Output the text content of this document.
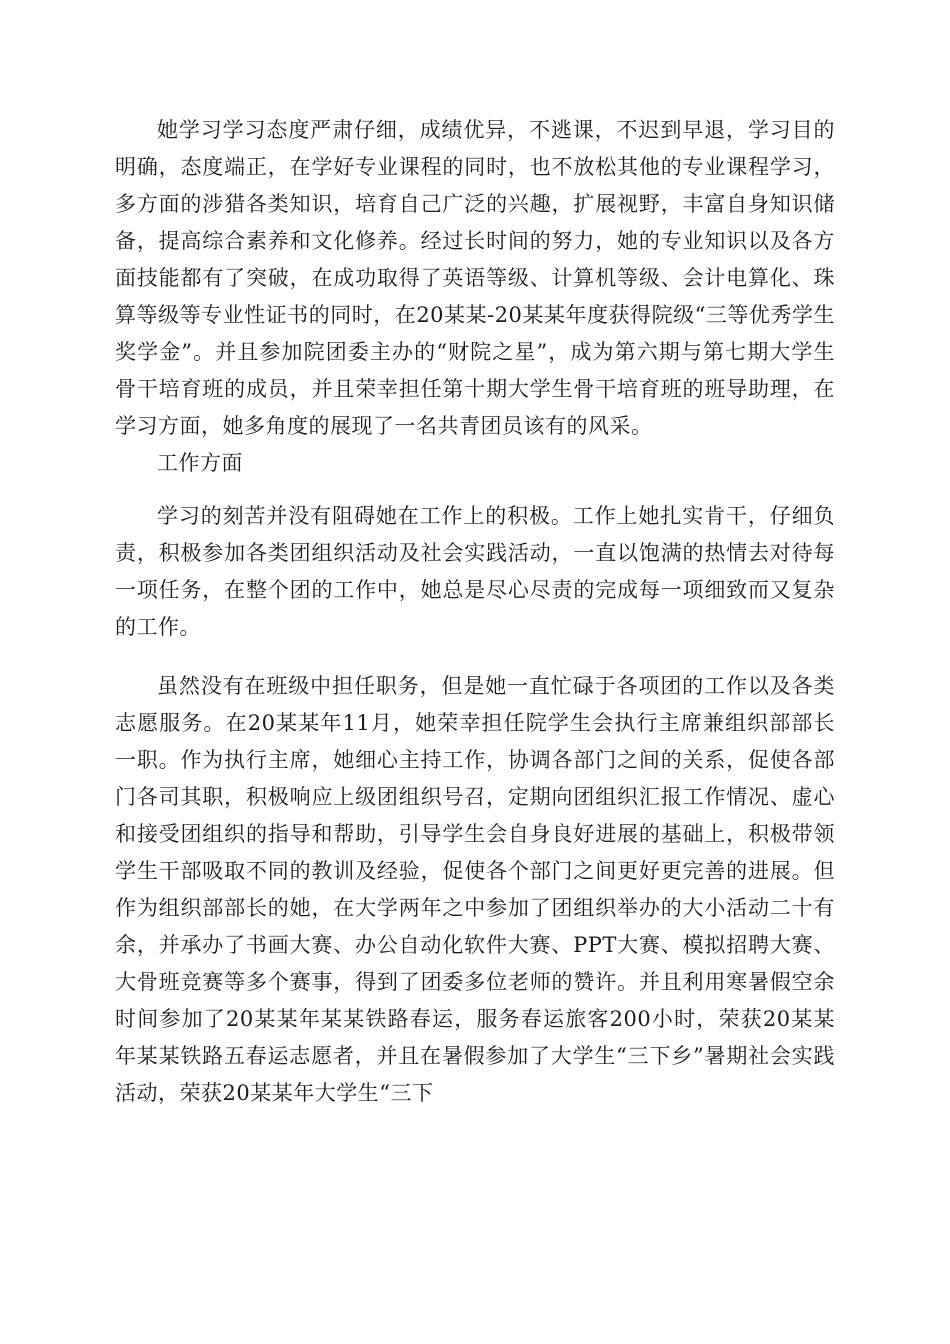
她学习学习态度严肃仔细，成绩优异，不逃课，不迟到早退，学习目的明确，态度端正，在学好专业课程的同时，也不放松其他的专业课程学习，多方面的涉猎各类知识，培育自己广泛的兴趣，扩展视野，丰富自身知识储备，提高综合素养和文化修养。经过长时间的努力，她的专业知识以及各方面技能都有了突破，在成功取得了英语等级、计算机等级、会计电算化、珠算等级等专业性证书的同时，在20某某-20某某年度获得院级“三等优秀学生奖学金”。并且参加院团委主办的“财院之星”，成为第六期与第七期大学生骨干培育班的成员，并且荣幸担任第十期大学生骨干培育班的班导助理，在学习方面，她多角度的展现了一名共青团员该有的风采。

工作方面

学习的刻苦并没有阻碍她在工作上的积极。工作上她扎实肯干，仔细负责，积极参加各类团组织活动及社会实践活动，一直以饱满的热情去对待每一项任务，在整个团的工作中，她总是尽心尽责的完成每一项细致而又复杂的工作。

虽然没有在班级中担任职务，但是她一直忙碌于各项团的工作以及各类志愿服务。在20某某年11月，她荣幸担任院学生会执行主席兼组织部部长一职。作为执行主席，她细心主持工作，协调各部门之间的关系，促使各部门各司其职，积极响应上级团组织号召，定期向团组织汇报工作情况、虚心和接受团组织的指导和帮助，引导学生会自身良好进展的基础上，积极带领学生干部吸取不同的教训及经验，促使各个部门之间更好更完善的进展。但作为组织部部长的她，在大学两年之中参加了团组织举办的大小活动二十有余，并承办了书画大赛、办公自动化软件大赛、PPT大赛、模拟招聘大赛、大骨班竞赛等多个赛事，得到了团委多位老师的赞许。并且利用寒暑假空余时间参加了20某某年某某铁路春运，服务春运旅客200小时，荣获20某某年某某铁路五春运志愿者，并且在暑假参加了大学生“三下乡”暑期社会实践活动，荣获20某某年大学生“三下
